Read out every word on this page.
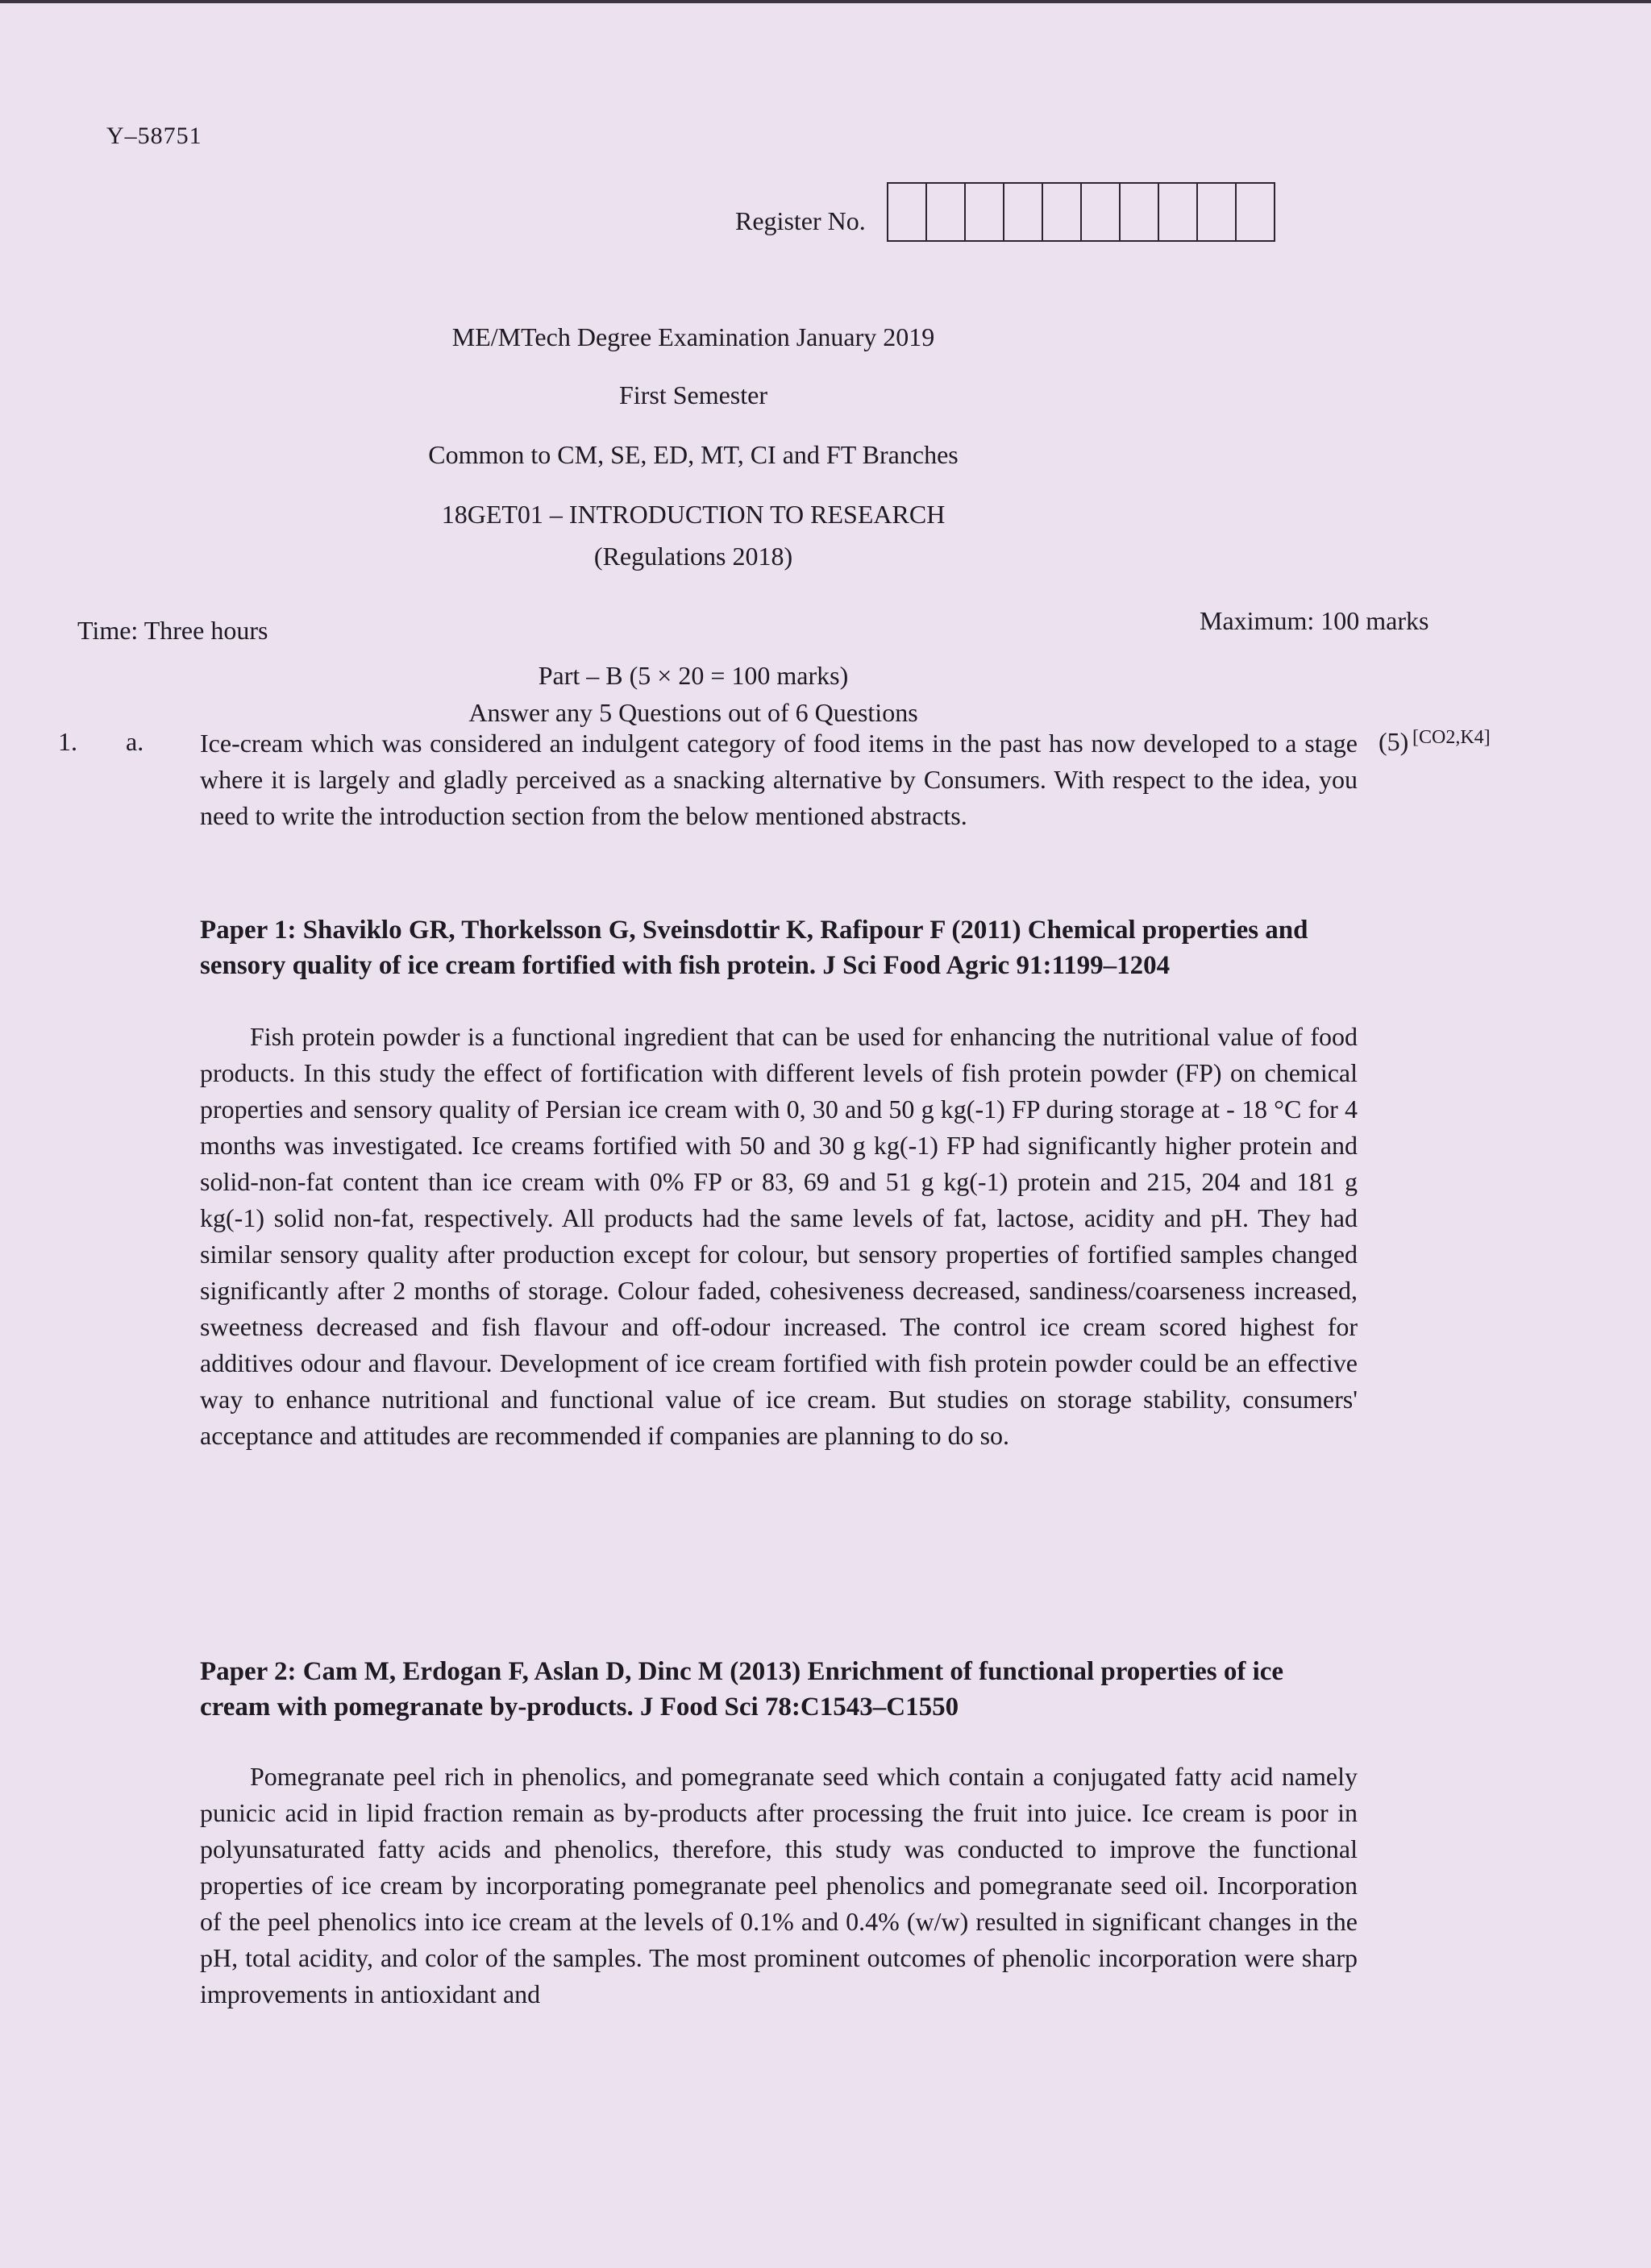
Y–58751
Register No.
ME/MTech Degree Examination January 2019
First Semester
Common to CM, SE, ED, MT, CI and FT Branches
18GET01 – INTRODUCTION TO RESEARCH
(Regulations 2018)
Time: Three hours	Maximum: 100 marks
Part – B (5 × 20 = 100 marks)
Answer any 5 Questions out of 6 Questions
1. a.	(5) [CO2,K4]
Ice-cream which was considered an indulgent category of food items in the past has now developed to a stage where it is largely and gladly perceived as a snacking alternative by Consumers. With respect to the idea, you need to write the introduction section from the below mentioned abstracts.
Paper 1: Shaviklo GR, Thorkelsson G, Sveinsdottir K, Rafipour F (2011) Chemical properties and sensory quality of ice cream fortified with fish protein. J Sci Food Agric 91:1199–1204
Fish protein powder is a functional ingredient that can be used for enhancing the nutritional value of food products. In this study the effect of fortification with different levels of fish protein powder (FP) on chemical properties and sensory quality of Persian ice cream with 0, 30 and 50 g kg(-1) FP during storage at - 18 °C for 4 months was investigated. Ice creams fortified with 50 and 30 g kg(-1) FP had significantly higher protein and solid-non-fat content than ice cream with 0% FP or 83, 69 and 51 g kg(-1) protein and 215, 204 and 181 g kg(-1) solid non-fat, respectively. All products had the same levels of fat, lactose, acidity and pH. They had similar sensory quality after production except for colour, but sensory properties of fortified samples changed significantly after 2 months of storage. Colour faded, cohesiveness decreased, sandiness/coarseness increased, sweetness decreased and fish flavour and off-odour increased. The control ice cream scored highest for additives odour and flavour. Development of ice cream fortified with fish protein powder could be an effective way to enhance nutritional and functional value of ice cream. But studies on storage stability, consumers' acceptance and attitudes are recommended if companies are planning to do so.
Paper 2: Cam M, Erdogan F, Aslan D, Dinc M (2013) Enrichment of functional properties of ice cream with pomegranate by-products. J Food Sci 78:C1543–C1550
Pomegranate peel rich in phenolics, and pomegranate seed which contain a conjugated fatty acid namely punicic acid in lipid fraction remain as by-products after processing the fruit into juice. Ice cream is poor in polyunsaturated fatty acids and phenolics, therefore, this study was conducted to improve the functional properties of ice cream by incorporating pomegranate peel phenolics and pomegranate seed oil. Incorporation of the peel phenolics into ice cream at the levels of 0.1% and 0.4% (w/w) resulted in significant changes in the pH, total acidity, and color of the samples. The most prominent outcomes of phenolic incorporation were sharp improvements in antioxidant and
